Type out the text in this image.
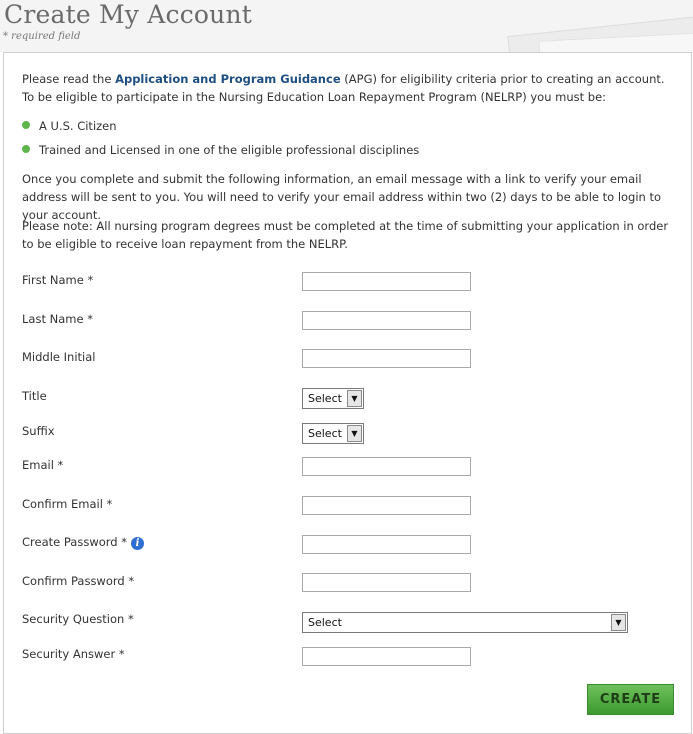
Create My Account
* required field
Please read the Application and Program Guidance (APG) for eligibility criteria prior to creating an account. To be eligible to participate in the Nursing Education Loan Repayment Program (NELRP) you must be:
A U.S. Citizen
Trained and Licensed in one of the eligible professional disciplines
Once you complete and submit the following information, an email message with a link to verify your email address will be sent to you. You will need to verify your email address within two (2) days to be able to login to your account.
Please note: All nursing program degrees must be completed at the time of submitting your application in order to be eligible to receive loan repayment from the NELRP.
First Name *
Last Name *
Middle Initial
Title	Select	▼
Suffix	Select	▼
Email *
Confirm Email *
Create Password * i
Confirm Password *
Security Question *	Select	▼
Security Answer *
CREATE
